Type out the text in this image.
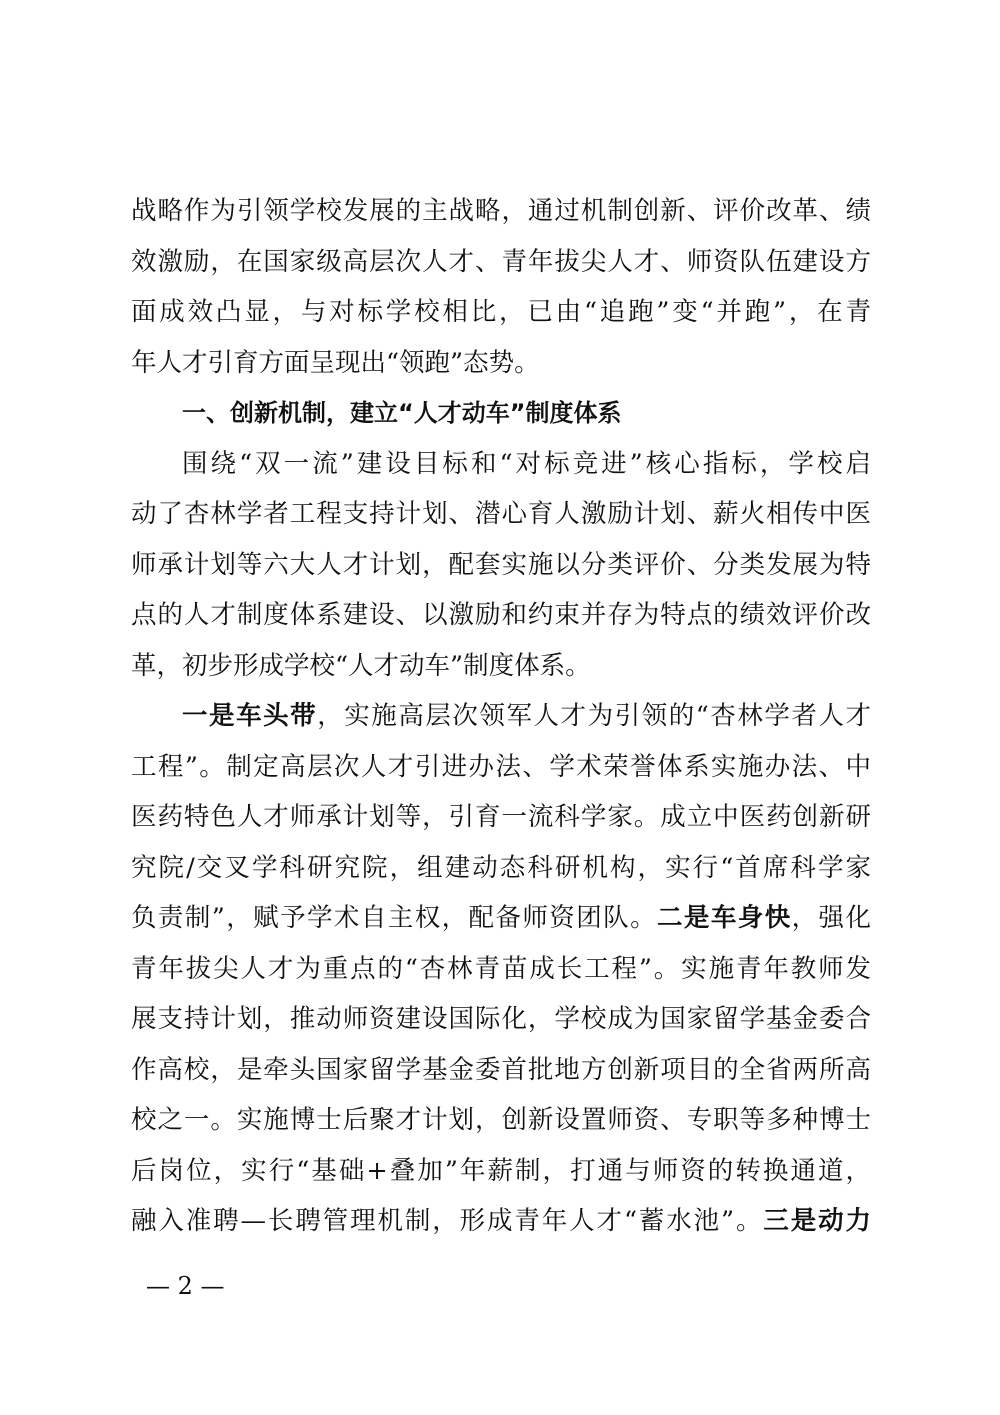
战略作为引领学校发展的主战略，通过机制创新、评价改革、绩
效激励，在国家级高层次人才、青年拔尖人才、师资队伍建设方
面成效凸显，与对标学校相比，已由“追跑”变“并跑”，在青
年人才引育方面呈现出“领跑”态势。
一、创新机制，建立“人才动车”制度体系
围绕“双一流”建设目标和“对标竞进”核心指标，学校启
动了杏林学者工程支持计划、潜心育人激励计划、薪火相传中医
师承计划等六大人才计划，配套实施以分类评价、分类发展为特
点的人才制度体系建设、以激励和约束并存为特点的绩效评价改
革，初步形成学校“人才动车”制度体系。
一是车头带，实施高层次领军人才为引领的“杏林学者人才
工程”。制定高层次人才引进办法、学术荣誉体系实施办法、中
医药特色人才师承计划等，引育一流科学家。成立中医药创新研
究院/交叉学科研究院，组建动态科研机构，实行“首席科学家
负责制”，赋予学术自主权，配备师资团队。二是车身快，强化
青年拔尖人才为重点的“杏林青苗成长工程”。实施青年教师发
展支持计划，推动师资建设国际化，学校成为国家留学基金委合
作高校，是牵头国家留学基金委首批地方创新项目的全省两所高
校之一。实施博士后聚才计划，创新设置师资、专职等多种博士
后岗位，实行“基础+叠加”年薪制，打通与师资的转换通道，
融入准聘—长聘管理机制，形成青年人才“蓄水池”。三是动力
— 2 —
